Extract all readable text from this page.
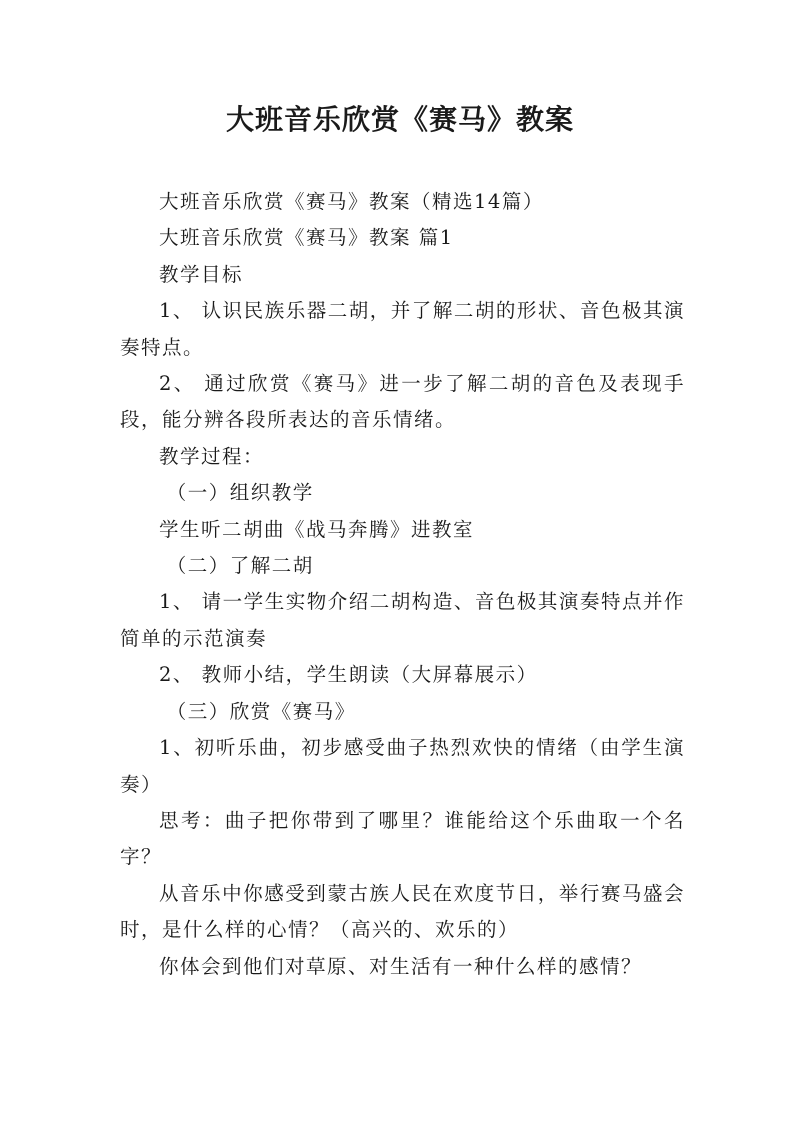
大班音乐欣赏《赛马》教案

大班音乐欣赏《赛马》教案（精选14篇）

大班音乐欣赏《赛马》教案 篇1

教学目标

1、 认识民族乐器二胡，并了解二胡的形状、音色极其演奏特点。

2、 通过欣赏《赛马》进一步了解二胡的音色及表现手段，能分辨各段所表达的音乐情绪。

教学过程：

（一）组织教学

学生听二胡曲《战马奔腾》进教室

（二）了解二胡

1、 请一学生实物介绍二胡构造、音色极其演奏特点并作简单的示范演奏

2、 教师小结，学生朗读（大屏幕展示）

（三）欣赏《赛马》

1、初听乐曲，初步感受曲子热烈欢快的情绪（由学生演奏）

思考：曲子把你带到了哪里？谁能给这个乐曲取一个名字？

从音乐中你感受到蒙古族人民在欢度节日，举行赛马盛会时，是什么样的心情？（高兴的、欢乐的）

你体会到他们对草原、对生活有一种什么样的感情？
